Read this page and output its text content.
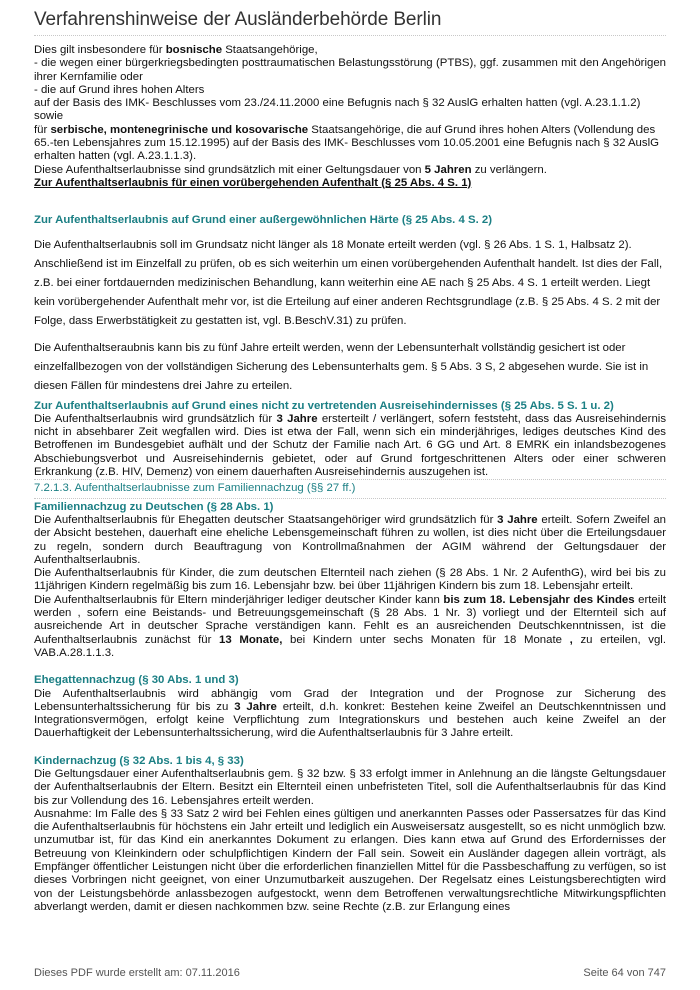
Verfahrenshinweise der Ausländerbehörde Berlin

Dies gilt insbesondere für bosnische Staatsangehörige,

- die wegen einer bürgerkriegsbedingten posttraumatischen Belastungsstörung (PTBS), ggf. zusammen mit den Angehörigen ihrer Kernfamilie oder

- die auf Grund ihres hohen Alters

auf der Basis des IMK- Beschlusses vom 23./24.11.2000 eine Befugnis nach § 32 AuslG erhalten hatten (vgl. A.23.1.1.2) sowie

für serbische, montenegrinische und kosovarische Staatsangehörige, die auf Grund ihres hohen Alters (Vollendung des 65.-ten Lebensjahres zum 15.12.1995) auf der Basis des IMK- Beschlusses vom 10.05.2001 eine Befugnis nach § 32 AuslG erhalten hatten (vgl. A.23.1.1.3).

Diese Aufenthaltserlaubnisse sind grundsätzlich mit einer Geltungsdauer von 5 Jahren zu verlängern.

Zur Aufenthaltserlaubnis für einen vorübergehenden Aufenthalt (§ 25 Abs. 4 S. 1)

Zur Aufenthaltserlaubnis auf Grund einer außergewöhnlichen Härte (§ 25 Abs. 4 S. 2)

Die Aufenthaltserlaubnis soll im Grundsatz nicht länger als 18 Monate erteilt werden (vgl. § 26 Abs. 1 S. 1, Halbsatz 2). Anschließend ist im Einzelfall zu prüfen, ob es sich weiterhin um einen vorübergehenden Aufenthalt handelt. Ist dies der Fall, z.B. bei einer fortdauernden medizinischen Behandlung, kann weiterhin eine AE nach § 25 Abs. 4 S. 1 erteilt werden. Liegt kein vorübergehender Aufenthalt mehr vor, ist die Erteilung auf einer anderen Rechtsgrundlage (z.B. § 25 Abs. 4 S. 2 mit der Folge, dass Erwerbstätigkeit zu gestatten ist, vgl. B.BeschV.31) zu prüfen.

Die Aufenthaltseraubnis kann bis zu fünf Jahre erteilt werden, wenn der Lebensunterhalt vollständig gesichert ist oder einzelfallbezogen von der vollständigen Sicherung des Lebensunterhalts gem. § 5 Abs. 3 S, 2 abgesehen wurde. Sie ist in diesen Fällen für mindestens drei Jahre zu erteilen.

Zur Aufenthaltserlaubnis auf Grund eines nicht zu vertretenden Ausreisehindernisses (§ 25 Abs. 5 S. 1 u. 2)

Die Aufenthaltserlaubnis wird grundsätzlich für 3 Jahre ersterteilt / verlängert, sofern feststeht, dass das Ausreisehindernis nicht in absehbarer Zeit wegfallen wird. Dies ist etwa der Fall, wenn sich ein minderjähriges, lediges deutsches Kind des Betroffenen im Bundesgebiet aufhält und der Schutz der Familie nach Art. 6 GG und Art. 8 EMRK ein inlandsbezogenes Abschiebungsverbot und Ausreisehindernis gebietet, oder auf Grund fortgeschrittenen Alters oder einer schweren Erkrankung (z.B. HIV, Demenz) von einem dauerhaften Ausreisehindernis auszugehen ist.

7.2.1.3. Aufenthaltserlaubnisse zum Familiennachzug (§§ 27 ff.)

Familiennachzug zu Deutschen (§ 28 Abs. 1)

Die Aufenthaltserlaubnis für Ehegatten deutscher Staatsangehöriger wird grundsätzlich für 3 Jahre erteilt. Sofern Zweifel an der Absicht bestehen, dauerhaft eine eheliche Lebensgemeinschaft führen zu wollen, ist dies nicht über die Erteilungsdauer zu regeln, sondern durch Beauftragung von Kontrollmaßnahmen der AGIM während der Geltungsdauer der Aufenthaltserlaubnis.

Die Aufenthaltserlaubnis für Kinder, die zum deutschen Elternteil nach ziehen (§ 28 Abs. 1 Nr. 2 AufenthG), wird bei bis zu 11jährigen Kindern regelmäßig bis zum 16. Lebensjahr bzw. bei über 11jährigen Kindern bis zum 18. Lebensjahr erteilt.

Die Aufenthaltserlaubnis für Eltern minderjähriger lediger deutscher Kinder kann bis zum 18. Lebensjahr des Kindes erteilt werden , sofern eine Beistands- und Betreuungsgemeinschaft (§ 28 Abs. 1 Nr. 3) vorliegt und der Elternteil sich auf ausreichende Art in deutscher Sprache verständigen kann. Fehlt es an ausreichenden Deutschkenntnissen, ist die Aufenthaltserlaubnis zunächst für 13 Monate, bei Kindern unter sechs Monaten für 18 Monate , zu erteilen, vgl. VAB.A.28.1.1.3.

Ehegattennachzug (§ 30 Abs. 1 und 3)

Die Aufenthaltserlaubnis wird abhängig vom Grad der Integration und der Prognose zur Sicherung des Lebensunterhaltssicherung für bis zu 3 Jahre erteilt, d.h. konkret: Bestehen keine Zweifel an Deutschkenntnissen und Integrationsvermögen, erfolgt keine Verpflichtung zum Integrationskurs und bestehen auch keine Zweifel an der Dauerhaftigkeit der Lebensunterhaltssicherung, wird die Aufenthaltserlaubnis für 3 Jahre erteilt.

Kindernachzug (§ 32 Abs. 1 bis 4, § 33)

Die Geltungsdauer einer Aufenthaltserlaubnis gem. § 32 bzw. § 33 erfolgt immer in Anlehnung an die längste Geltungsdauer der Aufenthaltserlaubnis der Eltern. Besitzt ein Elternteil einen unbefristeten Titel, soll die Aufenthaltserlaubnis für das Kind bis zur Vollendung des 16. Lebensjahres erteilt werden.

Ausnahme: Im Falle des § 33 Satz 2 wird bei Fehlen eines gültigen und anerkannten Passes oder Passersatzes für das Kind die Aufenthaltserlaubnis für höchstens ein Jahr erteilt und lediglich ein Ausweisersatz ausgestellt, so es nicht unmöglich bzw. unzumutbar ist, für das Kind ein anerkanntes Dokument zu erlangen. Dies kann etwa auf Grund des Erfordernisses der Betreuung von Kleinkindern oder schulpflichtigen Kindern der Fall sein. Soweit ein Ausländer dagegen allein vorträgt, als Empfänger öffentlicher Leistungen nicht über die erforderlichen finanziellen Mittel für die Passbeschaffung zu verfügen, so ist dieses Vorbringen nicht geeignet, von einer Unzumutbarkeit auszugehen. Der Regelsatz eines Leistungsberechtigten wird von der Leistungsbehörde anlassbezogen aufgestockt, wenn dem Betroffenen verwaltungsrechtliche Mitwirkungspflichten abverlangt werden, damit er diesen nachkommen bzw. seine Rechte (z.B. zur Erlangung eines

Dieses PDF wurde erstellt am: 07.11.2016	Seite 64 von 747
